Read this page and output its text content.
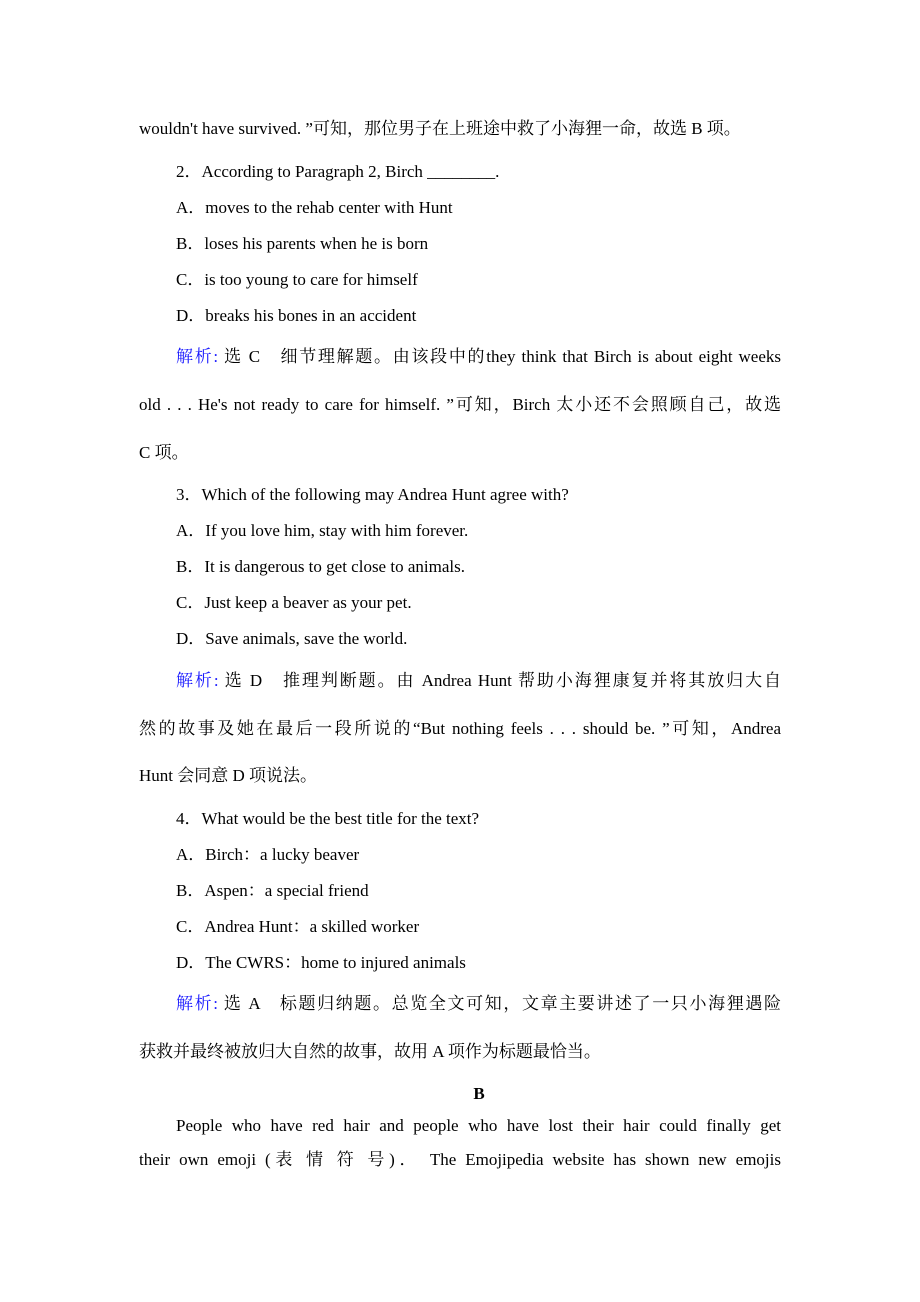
wouldn't have survived. ”可知，那位男子在上班途中救了小海狸一命，故选 B 项。
2．According to Paragraph 2, Birch ________.
A．moves to the rehab center with Hunt
B．loses his parents when he is born
C．is too young to care for himself
D．breaks his bones in an accident
解析: 选 C　细节理解题。由该段中的they think that Birch is about eight weeks
old . . . He's not ready to care for himself. ”可知，Birch 太小还不会照顾自己，故选
C 项。
3．Which of the following may Andrea Hunt agree with?
A．If you love him, stay with him forever.
B．It is dangerous to get close to animals.
C．Just keep a beaver as your pet.
D．Save animals, save the world.
解析: 选 D　推理判断题。由 Andrea Hunt 帮助小海狸康复并将其放归大自
然的故事及她在最后一段所说的“But nothing feels . . . should be. ”可知，Andrea
Hunt 会同意 D 项说法。
4．What would be the best title for the text?
A．Birch：a lucky beaver
B．Aspen：a special friend
C．Andrea Hunt：a skilled worker
D．The CWRS：home to injured animals
解析: 选 A　标题归纳题。总览全文可知，文章主要讲述了一只小海狸遇险
获救并最终被放归大自然的故事，故用 A 项作为标题最恰当。
B
People who have red hair and people who have lost their hair could finally get
their own emoji (表 情 符 号)． The Emojipedia website has shown new emojis
